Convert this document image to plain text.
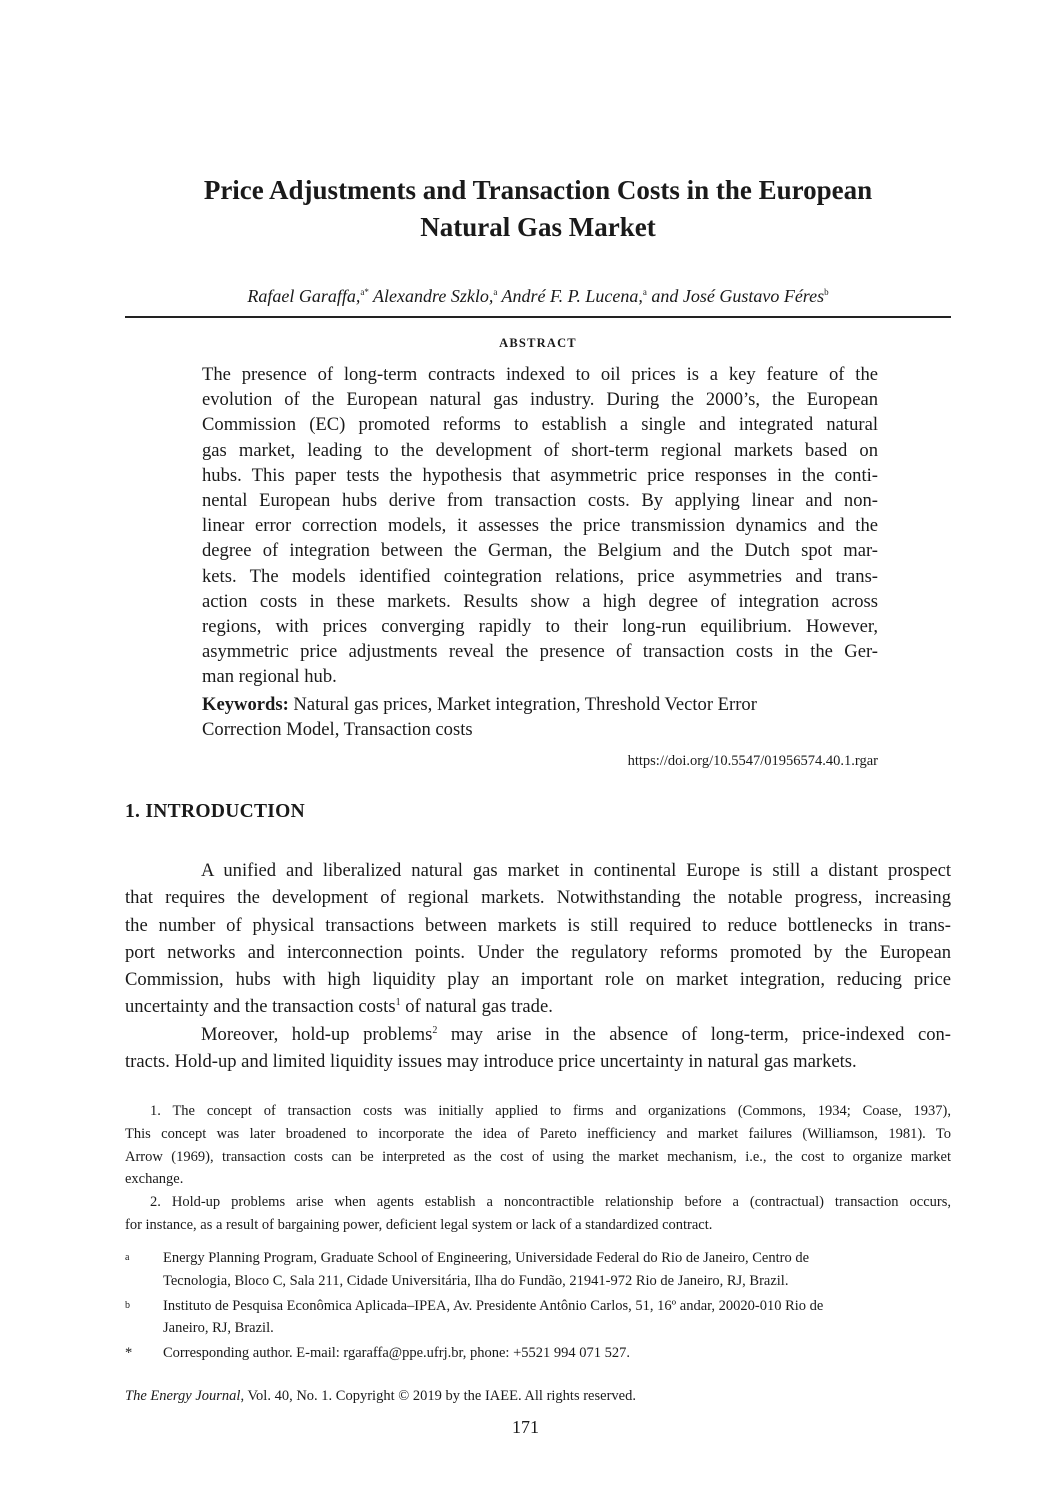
Price Adjustments and Transaction Costs in the European
Natural Gas Market
Rafael Garaffa,$^{a*}$ Alexandre Szklo,$^a$ André F. P. Lucena,$^a$ and José Gustavo Féres$^b$
ABSTRACT
The presence of long-term contracts indexed to oil prices is a key feature of the
evolution of the European natural gas industry. During the 2000’s, the European
Commission (EC) promoted reforms to establish a single and integrated natural
gas market, leading to the development of short-term regional markets based on
hubs. This paper tests the hypothesis that asymmetric price responses in the conti-
nental European hubs derive from transaction costs. By applying linear and non-
linear error correction models, it assesses the price transmission dynamics and the
degree of integration between the German, the Belgium and the Dutch spot mar-
kets. The models identified cointegration relations, price asymmetries and trans-
action costs in these markets. Results show a high degree of integration across
regions, with prices converging rapidly to their long-run equilibrium. However,
asymmetric price adjustments reveal the presence of transaction costs in the Ger-
man regional hub.
Keywords: Natural gas prices, Market integration, Threshold Vector Error
Correction Model, Transaction costs
https://doi.org/10.5547/01956574.40.1.rgar
1. INTRODUCTION
A unified and liberalized natural gas market in continental Europe is still a distant prospect
that requires the development of regional markets. Notwithstanding the notable progress, increasing
the number of physical transactions between markets is still required to reduce bottlenecks in trans-
port networks and interconnection points. Under the regulatory reforms promoted by the European
Commission, hubs with high liquidity play an important role on market integration, reducing price
uncertainty and the transaction costs$^1$ of natural gas trade.
Moreover, hold-up problems$^2$ may arise in the absence of long-term, price-indexed con-
tracts. Hold-up and limited liquidity issues may introduce price uncertainty in natural gas markets.
1. The concept of transaction costs was initially applied to firms and organizations (Commons, 1934; Coase, 1937),
This concept was later broadened to incorporate the idea of Pareto inefficiency and market failures (Williamson, 1981). To
Arrow (1969), transaction costs can be interpreted as the cost of using the market mechanism, i.e., the cost to organize market
exchange.
2. Hold-up problems arise when agents establish a noncontractible relationship before a (contractual) transaction occurs,
for instance, as a result of bargaining power, deficient legal system or lack of a standardized contract.
a Energy Planning Program, Graduate School of Engineering, Universidade Federal do Rio de Janeiro, Centro de
Tecnologia, Bloco C, Sala 211, Cidade Universitária, Ilha do Fundão, 21941-972 Rio de Janeiro, RJ, Brazil.
b Instituto de Pesquisa Econômica Aplicada–IPEA, Av. Presidente Antônio Carlos, 51, 16º andar, 20020-010 Rio de
Janeiro, RJ, Brazil.
* Corresponding author. E-mail: rgaraffa@ppe.ufrj.br, phone: +5521 994 071 527.
The Energy Journal, Vol. 40, No. 1. Copyright © 2019 by the IAEE. All rights reserved.
171
